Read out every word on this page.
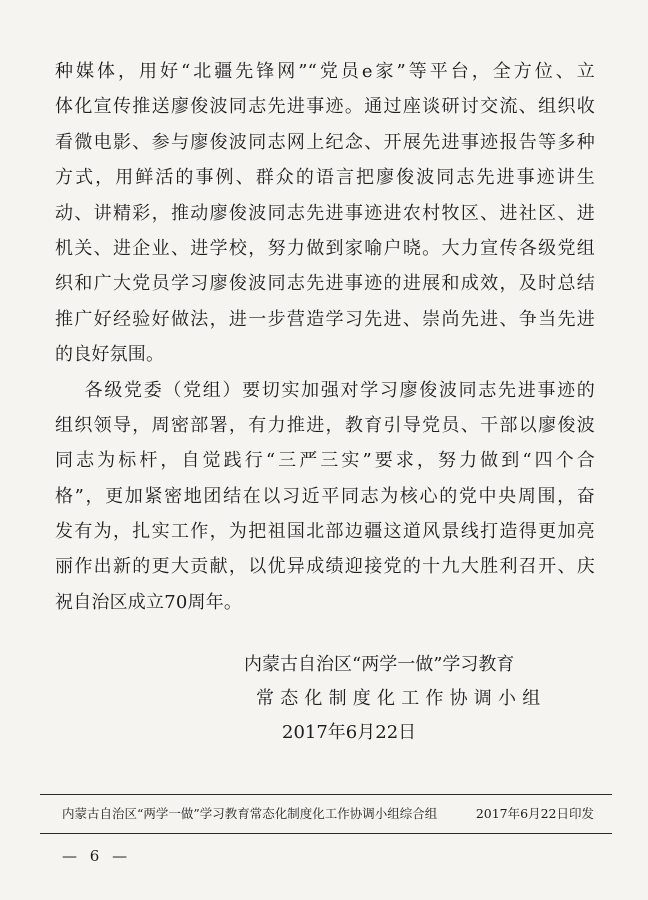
种媒体，用好“北疆先锋网”“党员e家”等平台，全方位、立
体化宣传推送廖俊波同志先进事迹。通过座谈研讨交流、组织收
看微电影、参与廖俊波同志网上纪念、开展先进事迹报告等多种
方式，用鲜活的事例、群众的语言把廖俊波同志先进事迹讲生
动、讲精彩，推动廖俊波同志先进事迹进农村牧区、进社区、进
机关、进企业、进学校，努力做到家喻户晓。大力宣传各级党组
织和广大党员学习廖俊波同志先进事迹的进展和成效，及时总结
推广好经验好做法，进一步营造学习先进、崇尚先进、争当先进
的良好氛围。
各级党委（党组）要切实加强对学习廖俊波同志先进事迹的
组织领导，周密部署，有力推进，教育引导党员、干部以廖俊波
同志为标杆，自觉践行“三严三实”要求，努力做到“四个合
格”，更加紧密地团结在以习近平同志为核心的党中央周围，奋
发有为，扎实工作，为把祖国北部边疆这道风景线打造得更加亮
丽作出新的更大贡献，以优异成绩迎接党的十九大胜利召开、庆
祝自治区成立70周年。
内蒙古自治区“两学一做”学习教育
常态化制度化工作协调小组
2017年6月22日
内蒙古自治区“两学一做”学习教育常态化制度化工作协调小组综合组	2017年6月22日印发
— 6 —
